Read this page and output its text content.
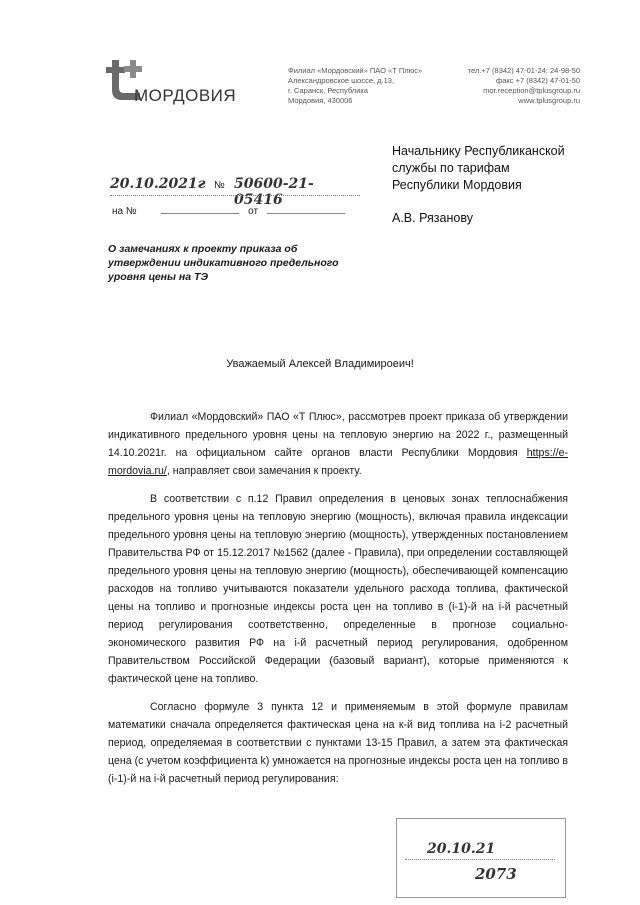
МОРДОВИЯ
Филиал «Мордовский» ПАО «Т Плюс»
Александровское шоссе, д.13,
г. Саранск, Республика
Мордовия, 430006
тел.+7 (8342) 47-01-24; 24-98-50
факс +7 (8342) 47-01-50
mor.reception@tplusgroup.ru
www.tplusgroup.ru
Начальнику Республиканской
службы по тарифам
Республики Мордовия
А.В. Рязанову
20.10.2021г № 50600-21-05416
на №	от
О замечаниях к проекту приказа об
утверждении индикативного предельного
уровня цены на ТЭ
Уважаемый Алексей Владимироеич!

Филиал «Мордовский» ПАО «Т Плюс», рассмотрев проект приказа об утверждении индикативного предельного уровня цены на тепловую энергию на 2022 г., размещенный 14.10.2021г. на официальном сайте органов власти Республики Мордовия https://e-mordovia.ru/, направляет свои замечания к проекту.

В соответствии с п.12 Правил определения в ценовых зонах теплоснабжения предельного уровня цены на тепловую энергию (мощность), включая правила индексации предельного уровня цены на тепловую энергию (мощность), утвержденных постановлением Правительства РФ от 15.12.2017 №1562 (далее - Правила), при определении составляющей предельного уровня цены на тепловую энергию (мощность), обеспечивающей компенсацию расходов на топливо учитываются показатели удельного расхода топлива, фактической цены на топливо и прогнозные индексы роста цен на топливо в (i-1)-й на i-й расчетный период регулирования соответственно, определенные в прогнозе социально-экономического развития РФ на i-й расчетный период регулирования, одобренном Правительством Российской Федерации (базовый вариант), которые применяются к фактической цене на топливо.

Согласно формуле 3 пункта 12 и применяемым в этой формуле правилам математики сначала определяется фактическая цена на к-й вид топлива на i-2 расчетный период, определяемая в соответствии с пунктами 13-15 Правил, а затем эта фактическая цена (с учетом коэффициента k) умножается на прогнозные индексы роста цен на топливо в (i-1)-й на i-й расчетный период регулирования:

20.10.21
2073
